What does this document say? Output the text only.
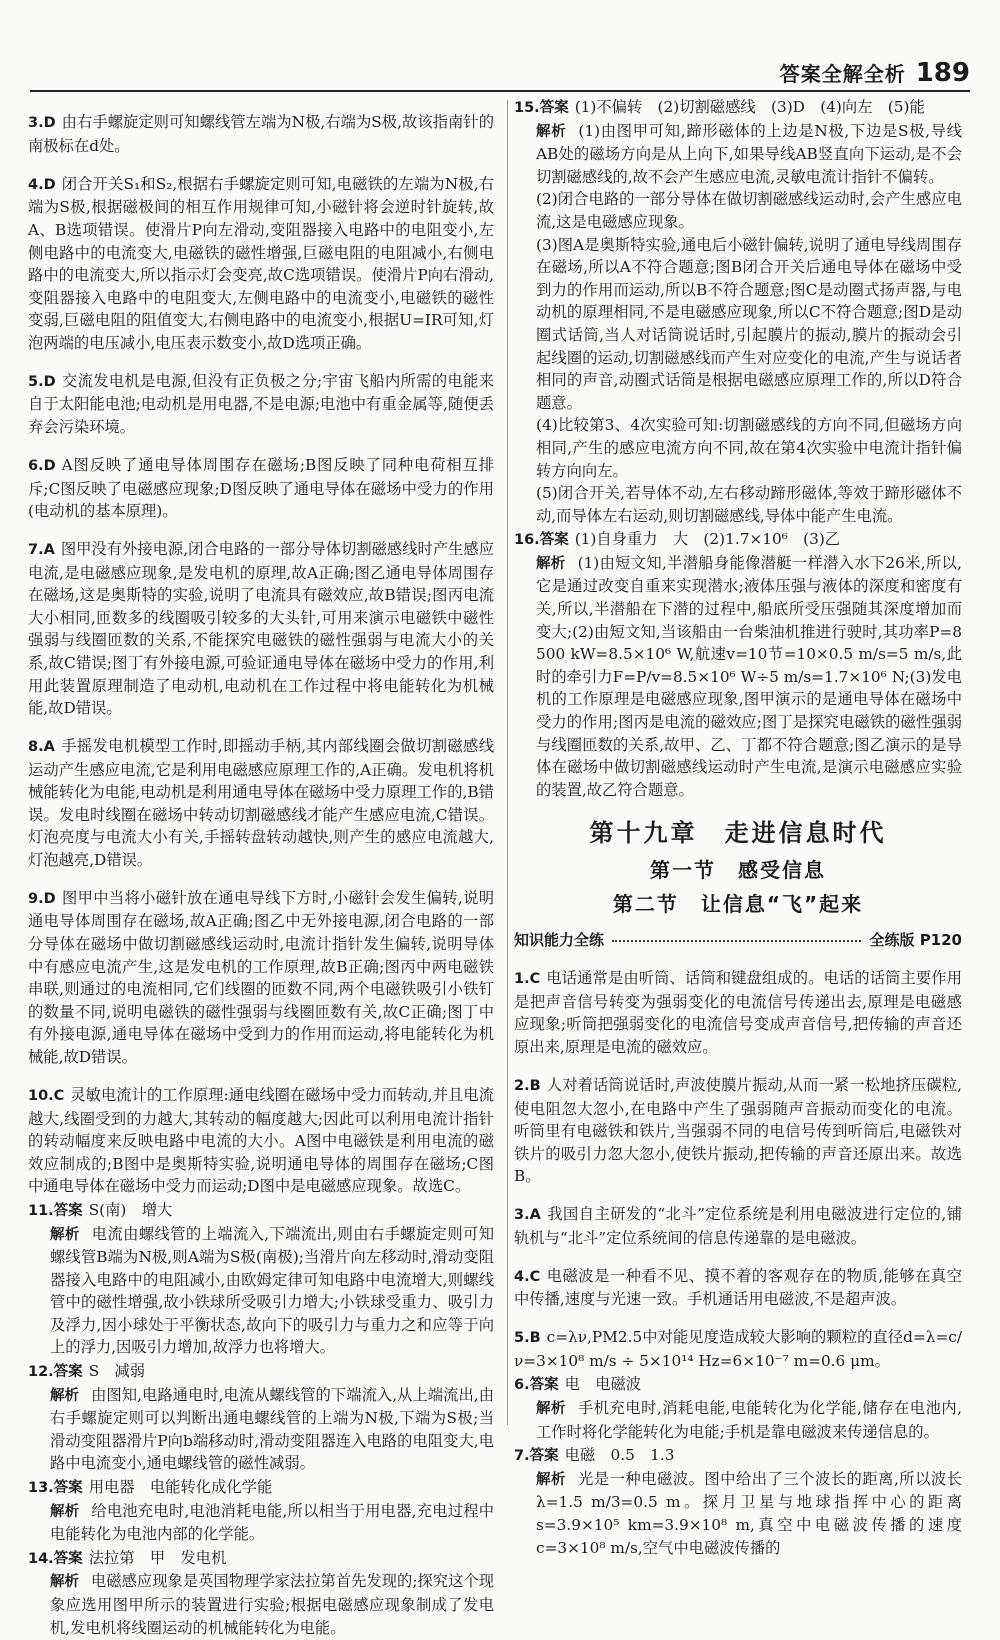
答案全解全析 189

3.D 由右手螺旋定则可知螺线管左端为N极,右端为S极,故该指南针的南极标在d处。

4.D 闭合开关S₁和S₂,根据右手螺旋定则可知,电磁铁的左端为N极,右端为S极,根据磁极间的相互作用规律可知,小磁针将会逆时针旋转,故A、B选项错误。使滑片P向左滑动,变阻器接入电路中的电阻变小,左侧电路中的电流变大,电磁铁的磁性增强,巨磁电阻的电阻减小,右侧电路中的电流变大,所以指示灯会变亮,故C选项错误。使滑片P向右滑动,变阻器接入电路中的电阻变大,左侧电路中的电流变小,电磁铁的磁性变弱,巨磁电阻的阻值变大,右侧电路中的电流变小,根据U=IR可知,灯泡两端的电压减小,电压表示数变小,故D选项正确。

5.D 交流发电机是电源,但没有正负极之分;宇宙飞船内所需的电能来自于太阳能电池;电动机是用电器,不是电源;电池中有重金属等,随便丢弃会污染环境。

6.D A图反映了通电导体周围存在磁场;B图反映了同种电荷相互排斥;C图反映了电磁感应现象;D图反映了通电导体在磁场中受力的作用(电动机的基本原理)。

7.A 图甲没有外接电源,闭合电路的一部分导体切割磁感线时产生感应电流,是电磁感应现象,是发电机的原理,故A正确;图乙通电导体周围存在磁场,这是奥斯特的实验,说明了电流具有磁效应,故B错误;图丙电流大小相同,匝数多的线圈吸引较多的大头针,可用来演示电磁铁中磁性强弱与线圈匝数的关系,不能探究电磁铁的磁性强弱与电流大小的关系,故C错误;图丁有外接电源,可验证通电导体在磁场中受力的作用,利用此装置原理制造了电动机,电动机在工作过程中将电能转化为机械能,故D错误。

8.A 手摇发电机模型工作时,即摇动手柄,其内部线圈会做切割磁感线运动产生感应电流,它是利用电磁感应原理工作的,A正确。发电机将机械能转化为电能,电动机是利用通电导体在磁场中受力原理工作的,B错误。发电时线圈在磁场中转动切割磁感线才能产生感应电流,C错误。灯泡亮度与电流大小有关,手摇转盘转动越快,则产生的感应电流越大,灯泡越亮,D错误。

9.D 图甲中当将小磁针放在通电导线下方时,小磁针会发生偏转,说明通电导体周围存在磁场,故A正确;图乙中无外接电源,闭合电路的一部分导体在磁场中做切割磁感线运动时,电流计指针发生偏转,说明导体中有感应电流产生,这是发电机的工作原理,故B正确;图丙中两电磁铁串联,则通过的电流相同,它们线圈的匝数不同,两个电磁铁吸引小铁钉的数量不同,说明电磁铁的磁性强弱与线圈匝数有关,故C正确;图丁中有外接电源,通电导体在磁场中受到力的作用而运动,将电能转化为机械能,故D错误。

10.C 灵敏电流计的工作原理:通电线圈在磁场中受力而转动,并且电流越大,线圈受到的力越大,其转动的幅度越大;因此可以利用电流计指针的转动幅度来反映电路中电流的大小。A图中电磁铁是利用电流的磁效应制成的;B图中是奥斯特实验,说明通电导体的周围存在磁场;C图中通电导体在磁场中受力而运动;D图中是电磁感应现象。故选C。

11.答案 S(南)　增大

解析 电流由螺线管的上端流入,下端流出,则由右手螺旋定则可知螺线管B端为N极,则A端为S极(南极);当滑片向左移动时,滑动变阻器接入电路中的电阻减小,由欧姆定律可知电路中电流增大,则螺线管中的磁性增强,故小铁球所受吸引力增大;小铁球受重力、吸引力及浮力,因小球处于平衡状态,故向下的吸引力与重力之和应等于向上的浮力,因吸引力增加,故浮力也将增大。

12.答案 S　减弱

解析 由图知,电路通电时,电流从螺线管的下端流入,从上端流出,由右手螺旋定则可以判断出通电螺线管的上端为N极,下端为S极;当滑动变阻器滑片P向b端移动时,滑动变阻器连入电路的电阻变大,电路中电流变小,通电螺线管的磁性减弱。

13.答案 用电器　电能转化成化学能

解析 给电池充电时,电池消耗电能,所以相当于用电器,充电过程中电能转化为电池内部的化学能。

14.答案 法拉第　甲　发电机

解析 电磁感应现象是英国物理学家法拉第首先发现的;探究这个现象应选用图甲所示的装置进行实验;根据电磁感应现象制成了发电机,发电机将线圈运动的机械能转化为电能。

15.答案 (1)不偏转　(2)切割磁感线　(3)D　(4)向左　(5)能

解析 (1)由图甲可知,蹄形磁体的上边是N极,下边是S极,导线AB处的磁场方向是从上向下,如果导线AB竖直向下运动,是不会切割磁感线的,故不会产生感应电流,灵敏电流计指针不偏转。

(2)闭合电路的一部分导体在做切割磁感线运动时,会产生感应电流,这是电磁感应现象。

(3)图A是奥斯特实验,通电后小磁针偏转,说明了通电导线周围存在磁场,所以A不符合题意;图B闭合开关后通电导体在磁场中受到力的作用而运动,所以B不符合题意;图C是动圈式扬声器,与电动机的原理相同,不是电磁感应现象,所以C不符合题意;图D是动圈式话筒,当人对话筒说话时,引起膜片的振动,膜片的振动会引起线圈的运动,切割磁感线而产生对应变化的电流,产生与说话者相同的声音,动圈式话筒是根据电磁感应原理工作的,所以D符合题意。

(4)比较第3、4次实验可知:切割磁感线的方向不同,但磁场方向相同,产生的感应电流方向不同,故在第4次实验中电流计指针偏转方向向左。

(5)闭合开关,若导体不动,左右移动蹄形磁体,等效于蹄形磁体不动,而导体左右运动,则切割磁感线,导体中能产生电流。

16.答案 (1)自身重力　大　(2)1.7×10⁶　(3)乙

解析 (1)由短文知,半潜船身能像潜艇一样潜入水下26米,所以,它是通过改变自重来实现潜水;液体压强与液体的深度和密度有关,所以,半潜船在下潜的过程中,船底所受压强随其深度增加而变大;(2)由短文知,当该船由一台柴油机推进行驶时,其功率P=8 500 kW=8.5×10⁶ W,航速v=10节=10×0.5 m/s=5 m/s,此时的牵引力F=P/v=8.5×10⁶ W÷5 m/s=1.7×10⁶ N;(3)发电机的工作原理是电磁感应现象,图甲演示的是通电导体在磁场中受力的作用;图丙是电流的磁效应;图丁是探究电磁铁的磁性强弱与线圈匝数的关系,故甲、乙、丁都不符合题意;图乙演示的是导体在磁场中做切割磁感线运动时产生电流,是演示电磁感应实验的装置,故乙符合题意。

第十九章　走进信息时代
第一节　感受信息
第二节　让信息“飞”起来
知识能力全练	全练版 P120

1.C 电话通常是由听筒、话筒和键盘组成的。电话的话筒主要作用是把声音信号转变为强弱变化的电流信号传递出去,原理是电磁感应现象;听筒把强弱变化的电流信号变成声音信号,把传输的声音还原出来,原理是电流的磁效应。

2.B 人对着话筒说话时,声波使膜片振动,从而一紧一松地挤压碳粒,使电阻忽大忽小,在电路中产生了强弱随声音振动而变化的电流。听筒里有电磁铁和铁片,当强弱不同的电信号传到听筒后,电磁铁对铁片的吸引力忽大忽小,使铁片振动,把传输的声音还原出来。故选B。

3.A 我国自主研发的“北斗”定位系统是利用电磁波进行定位的,铺轨机与“北斗”定位系统间的信息传递靠的是电磁波。

4.C 电磁波是一种看不见、摸不着的客观存在的物质,能够在真空中传播,速度与光速一致。手机通话用电磁波,不是超声波。

5.B c=λν,PM2.5中对能见度造成较大影响的颗粒的直径d=λ=c/ν=3×10⁸ m/s ÷ 5×10¹⁴ Hz=6×10⁻⁷ m=0.6 μm。

6.答案 电　电磁波

解析 手机充电时,消耗电能,电能转化为化学能,储存在电池内,工作时将化学能转化为电能;手机是靠电磁波来传递信息的。

7.答案 电磁　0.5　1.3

解析 光是一种电磁波。图中给出了三个波长的距离,所以波长λ=1.5 m/3=0.5 m。探月卫星与地球指挥中心的距离s=3.9×10⁵ km=3.9×10⁸ m,真空中电磁波传播的速度c=3×10⁸ m/s,空气中电磁波传播的
